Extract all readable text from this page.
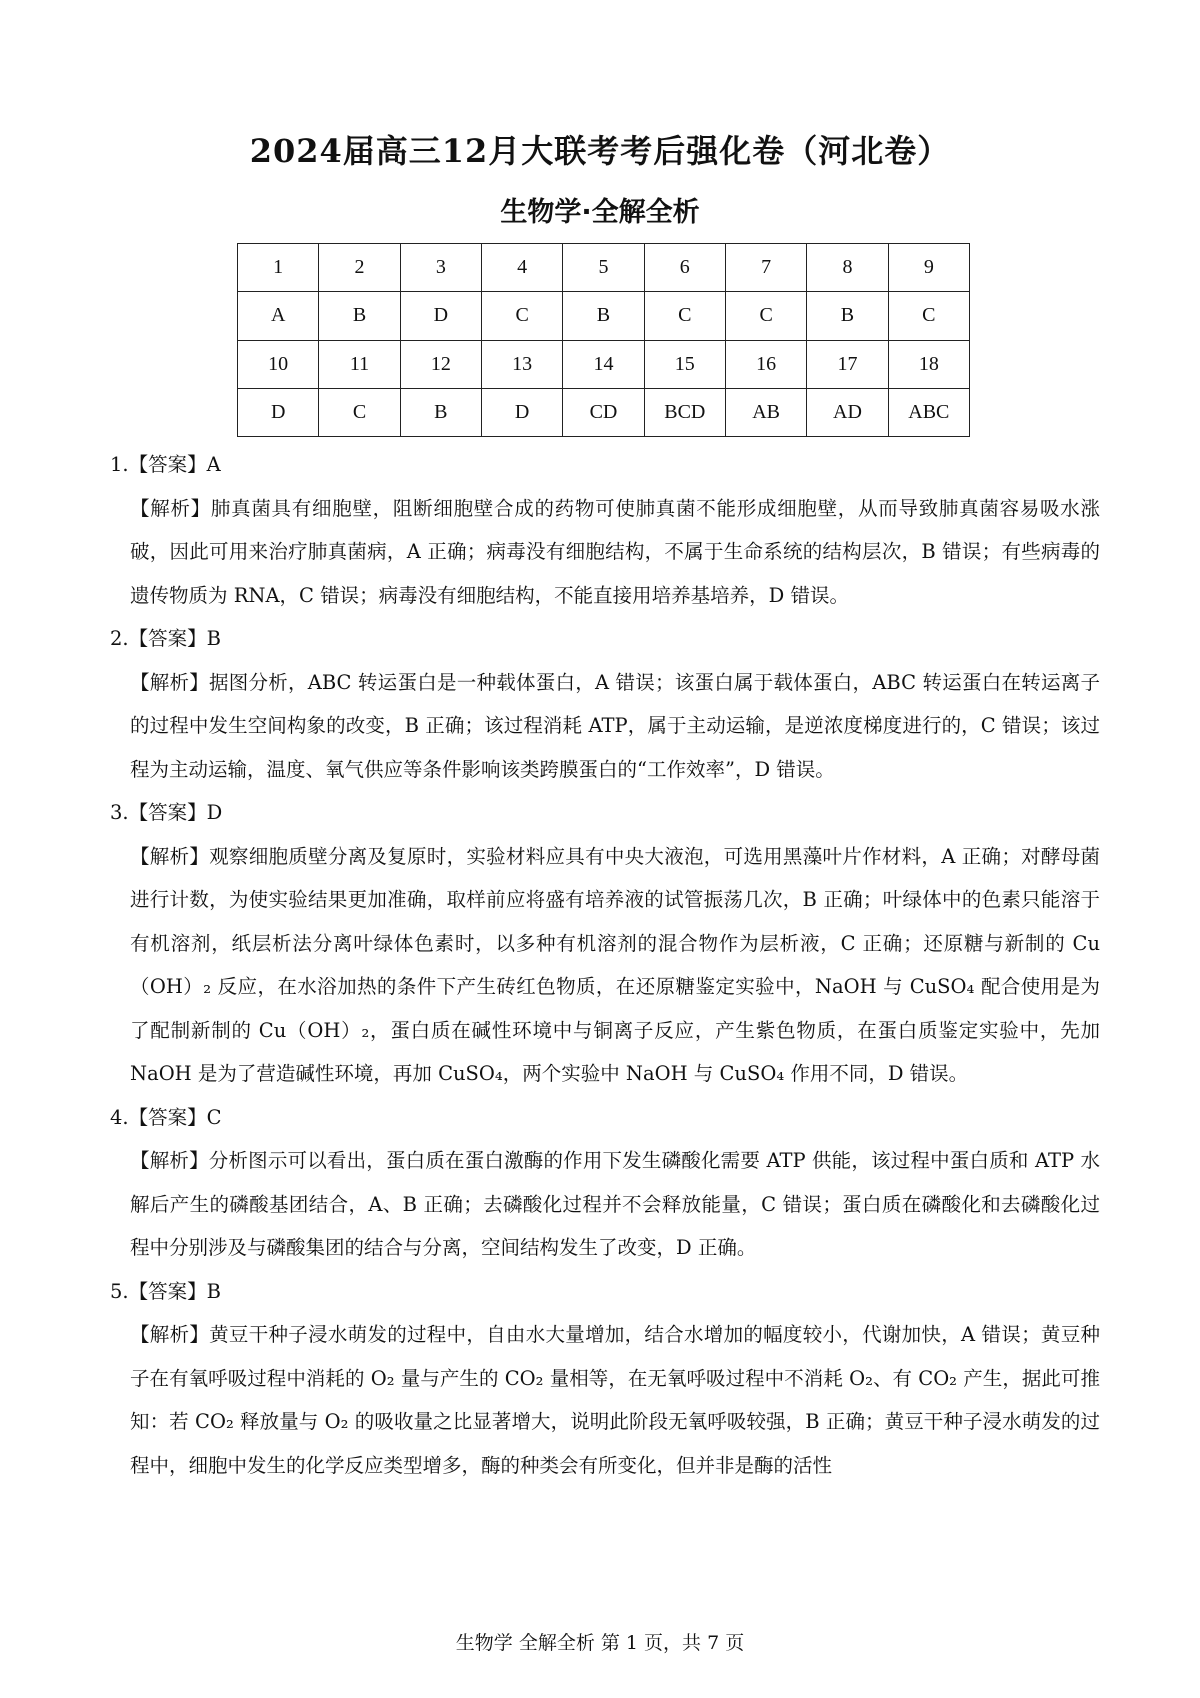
2024届高三12月大联考考后强化卷（河北卷）
生物学·全解全析
1	2	3	4	5	6	7	8	9
A	B	D	C	B	C	C	B	C
10	11	12	13	14	15	16	17	18
D	C	B	D	CD	BCD	AB	AD	ABC

1.【答案】A

【解析】肺真菌具有细胞壁，阻断细胞壁合成的药物可使肺真菌不能形成细胞壁，从而导致肺真菌容易吸水涨破，因此可用来治疗肺真菌病，A 正确；病毒没有细胞结构，不属于生命系统的结构层次，B 错误；有些病毒的遗传物质为 RNA，C 错误；病毒没有细胞结构，不能直接用培养基培养，D 错误。

2.【答案】B

【解析】据图分析，ABC 转运蛋白是一种载体蛋白，A 错误；该蛋白属于载体蛋白，ABC 转运蛋白在转运离子的过程中发生空间构象的改变，B 正确；该过程消耗 ATP，属于主动运输，是逆浓度梯度进行的，C 错误；该过程为主动运输，温度、氧气供应等条件影响该类跨膜蛋白的“工作效率”，D 错误。

3.【答案】D

【解析】观察细胞质壁分离及复原时，实验材料应具有中央大液泡，可选用黑藻叶片作材料，A 正确；对酵母菌进行计数，为使实验结果更加准确，取样前应将盛有培养液的试管振荡几次，B 正确；叶绿体中的色素只能溶于有机溶剂，纸层析法分离叶绿体色素时，以多种有机溶剂的混合物作为层析液，C 正确；还原糖与新制的 Cu（OH）₂ 反应，在水浴加热的条件下产生砖红色物质，在还原糖鉴定实验中，NaOH 与 CuSO₄ 配合使用是为了配制新制的 Cu（OH）₂，蛋白质在碱性环境中与铜离子反应，产生紫色物质，在蛋白质鉴定实验中，先加 NaOH 是为了营造碱性环境，再加 CuSO₄，两个实验中 NaOH 与 CuSO₄ 作用不同，D 错误。

4.【答案】C

【解析】分析图示可以看出，蛋白质在蛋白激酶的作用下发生磷酸化需要 ATP 供能，该过程中蛋白质和 ATP 水解后产生的磷酸基团结合，A、B 正确；去磷酸化过程并不会释放能量，C 错误；蛋白质在磷酸化和去磷酸化过程中分别涉及与磷酸集团的结合与分离，空间结构发生了改变，D 正确。

5.【答案】B

【解析】黄豆干种子浸水萌发的过程中，自由水大量增加，结合水增加的幅度较小，代谢加快，A 错误；黄豆种子在有氧呼吸过程中消耗的 O₂ 量与产生的 CO₂ 量相等，在无氧呼吸过程中不消耗 O₂、有 CO₂ 产生，据此可推知：若 CO₂ 释放量与 O₂ 的吸收量之比显著增大，说明此阶段无氧呼吸较强，B 正确；黄豆干种子浸水萌发的过程中，细胞中发生的化学反应类型增多，酶的种类会有所变化，但并非是酶的活性

生物学 全解全析 第 1 页，共 7 页
